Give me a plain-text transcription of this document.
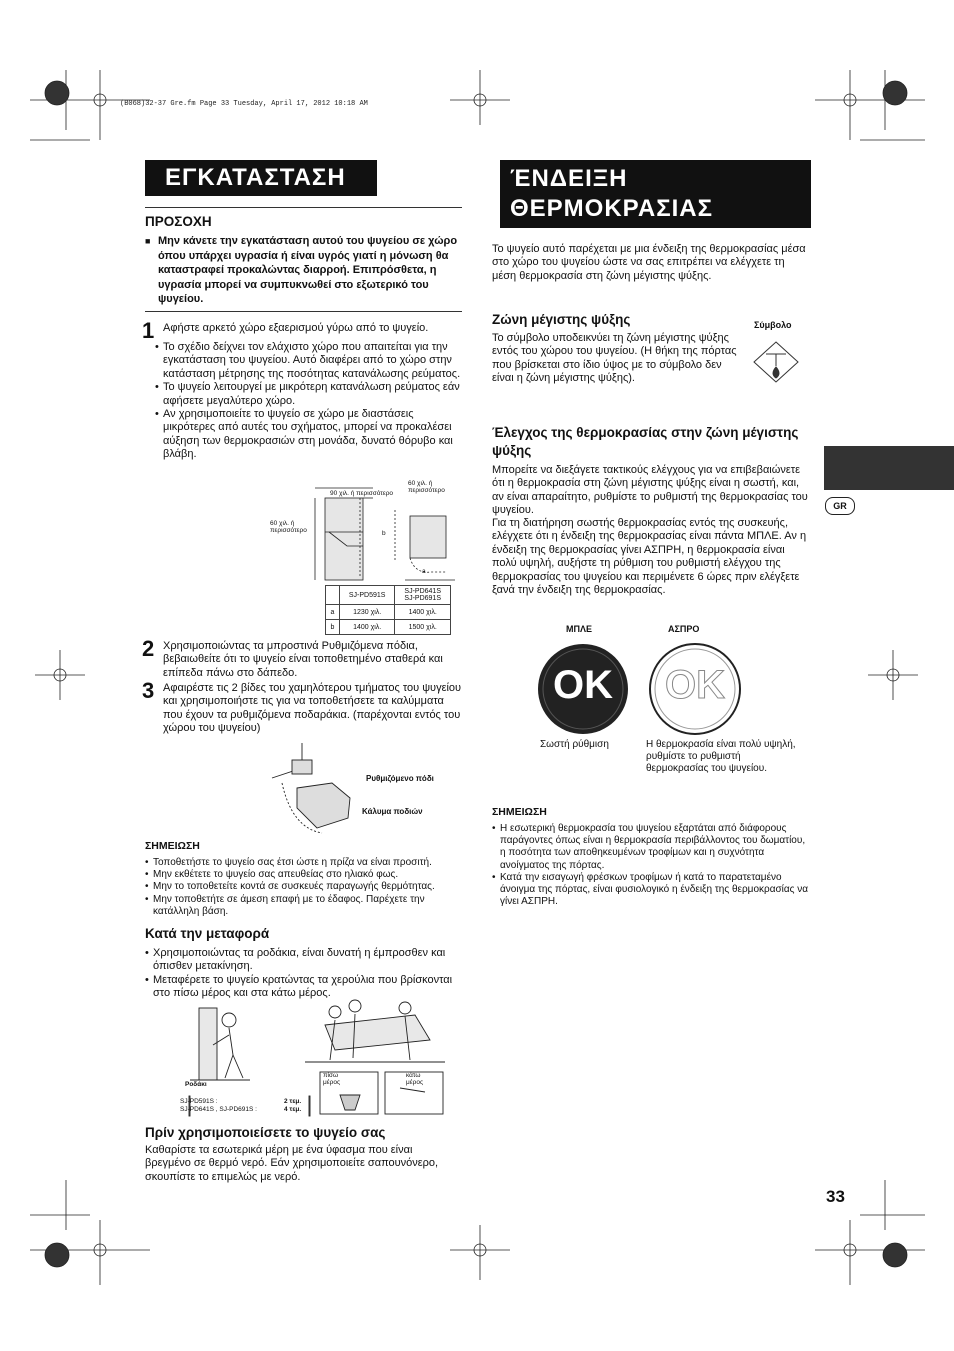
(B068)32-37 Gre.fm Page 33 Tuesday, April 17, 2012 10:18 AM
ΕΓΚΑΤΑΣΤΑΣΗ
ΠΡΟΣΟΧΗ
■ Μην κάνετε την εγκατάσταση αυτού του ψυγείου σε χώρο όπου υπάρχει υγρασία ή είναι υγρός γιατί η μόνωση θα καταστραφεί προκαλώντας διαρροή. Επιπρόσθετα, η υγρασία μπορεί να συμπυκνωθεί στο εξωτερικό του ψυγείου.
1 Αφήστε αρκετό χώρο εξαερισμού γύρω από το ψυγείο.
• Το σχέδιο δείχνει τον ελάχιστο χώρο που απαιτείται για την εγκατάσταση του ψυγείου. Αυτό διαφέρει από το χώρο στην κατάσταση μέτρησης της ποσότητας κατανάλωσης ρεύματος.
• Το ψυγείο λειτουργεί με μικρότερη κατανάλωση ρεύματος εάν αφήσετε μεγαλύτερο χώρο.
• Αν χρησιμοποιείτε το ψυγείο σε χώρο με διαστάσεις μικρότερες από αυτές του σχήματος, μπορεί να προκαλέσει αύξηση των θερμοκρασιών στη μονάδα, δυνατό θόρυβο και βλάβη.
90 χιλ. ή περισσότερο
60 χιλ. ή περισσότερο
60 χιλ. ή περισσότερο
a
b
	SJ-PD591S	SJ-PD641S
SJ-PD691S
a	1230 χιλ.	1400 χιλ.
b	1400 χιλ.	1500 χιλ.
2 Χρησιμοποιώντας τα μπροστινά Ρυθμιζόμενα πόδια, βεβαιωθείτε ότι το ψυγείο είναι τοποθετημένο σταθερά και επίπεδα πάνω στο δάπεδο.
3 Αφαιρέστε τις 2 βίδες του χαμηλότερου τμήματος του ψυγείου και χρησιμοποιήστε τις για να τοποθετήσετε τα καλύμματα που έχουν τα ρυθμιζόμενα ποδαράκια. (παρέχονται εντός του χώρου του ψυγείου)
Ρυθμιζόμενο πόδι
Κάλυμα ποδιών
ΣΗΜΕΙΩΣΗ
• Τοποθετήστε το ψυγείο σας έτσι ώστε η πρίζα να είναι προσιτή.
• Μην εκθέτετε το ψυγείο σας απευθείας στο ηλιακό φως.
• Μην το τοποθετείτε κοντά σε συσκευές παραγωγής θερμότητας.
• Μην τοποθετήτε σε άμεση επαφή με το έδαφος. Παρέχετε την κατάλληλη βάση.
Κατά την μεταφορά
• Χρησιμοποιώντας τα ροδάκια, είναι δυνατή η έμπροσθεν και όπισθεν μετακίνηση.
• Μεταφέρετε το ψυγείο κρατώντας τα χερούλια που βρίσκονται στο πίσω μέρος και στα κάτω μέρος.
Ροδάκι
πίσω μέρος
κάτω μέρος
SJ-PD591S :	2 τεμ.
SJ-PD641S , SJ-PD691S :	4 τεμ.
Πρίν χρησιμοποιείσετε το ψυγείο σας
Καθαρίστε τα εσωτερικά μέρη με ένα ύφασμα που είναι βρεγμένο σε θερμό νερό. Εάν χρησιμοποιείτε σαπουνόνερο, σκουπίστε το επιμελώς με νερό.
ΈΝΔΕΙΞΗ
ΘΕΡΜΟΚΡΑΣΙΑΣ
Το ψυγείο αυτό παρέχεται με μια ένδειξη της θερμοκρασίας μέσα στο χώρο του ψυγείου ώστε να σας επιτρέπει να ελέγχετε τη μέση θερμοκρασία στη ζώνη μέγιστης ψύξης.
Ζώνη μέγιστης ψύξης
Το σύμβολο υποδεικνύει τη ζώνη μέγιστης ψύξης εντός του χώρου του ψυγείου. (Η θήκη της πόρτας που βρίσκεται στο ίδιο ύψος με το σύμβολο δεν είναι η ζώνη μέγιστης ψύξης).
Σύμβολο
Έλεγχος της θερμοκρασίας στην ζώνη μέγιστης ψύξης
Μπορείτε να διεξάγετε τακτικούς ελέγχους για να επιβεβαιώνετε ότι η θερμοκρασία στη ζώνη μέγιστης ψύξης είναι η σωστή, και, αν είναι απαραίτητο, ρυθμίστε το ρυθμιστή της θερμοκρασίας του ψυγείου.
Για τη διατήρηση σωστής θερμοκρασίας εντός της συσκευής, ελέγχετε ότι η ένδειξη της θερμοκρασίας είναι πάντα ΜΠΛΕ. Αν η ένδειξη της θερμοκρασίας γίνει ΑΣΠΡΗ, η θερμοκρασία είναι πολύ υψηλή, αυξήστε τη ρύθμιση του ρυθμιστή ελέγχου της θερμοκρασίας του ψυγείου και περιμένετε 6 ώρες πριν ελέγξετε ξανά την ένδειξη της θερμοκρασίας.
ΜΠΛΕ	ΑΣΠΡΟ
OK	OK
Σωστή ρύθμιση	Η θερμοκρασία είναι πολύ υψηλή, ρυθμίστε το ρυθμιστή θερμοκρασίας του ψυγείου.
ΣΗΜΕΙΩΣΗ
• Η εσωτερική θερμοκρασία του ψυγείου εξαρτάται από διάφορους παράγοντες όπως είναι η θερμοκρασία περιβάλλοντος του δωματίου, η ποσότητα των αποθηκευμένων τροφίμων και η συχνότητα ανοίγματος της πόρτας.
• Κατά την εισαγωγή φρέσκων τροφίμων ή κατά το παρατεταμένο άνοιγμα της πόρτας, είναι φυσιολογικό η ένδειξη της θερμοκρασίας να γίνει ΑΣΠΡΗ.
GR
33
